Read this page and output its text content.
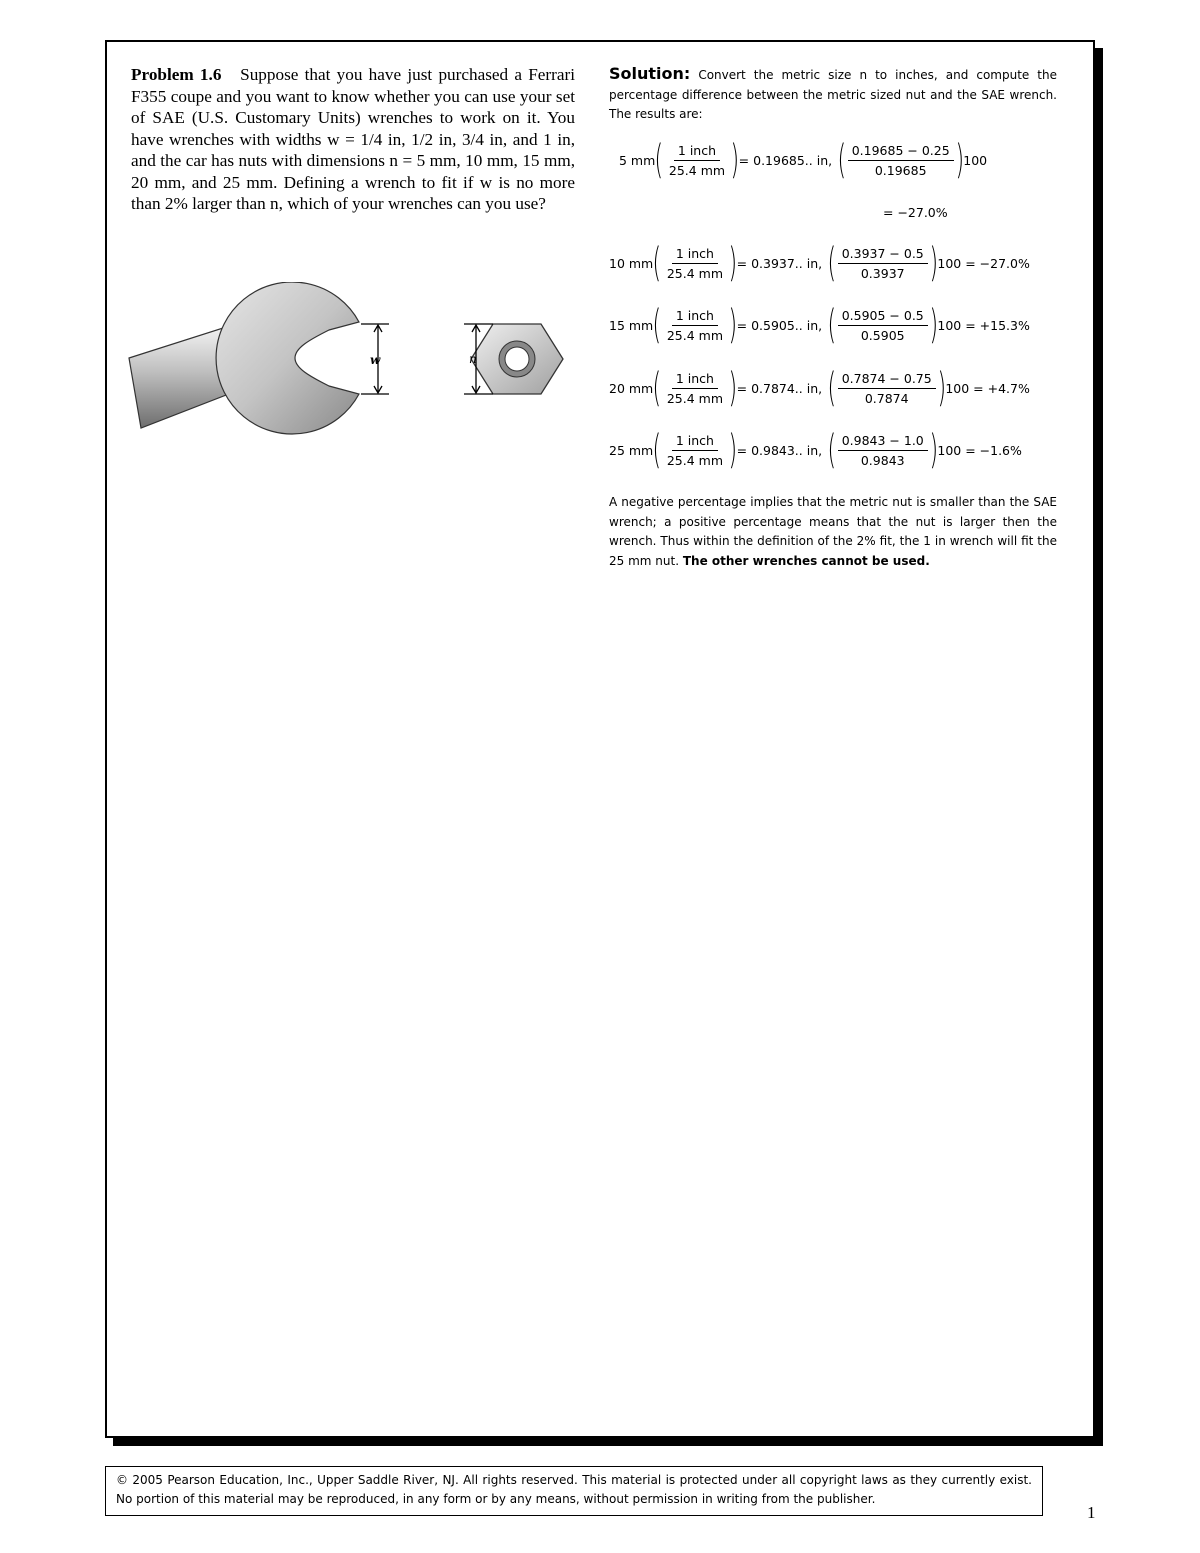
Problem 1.6 Suppose that you have just purchased a Ferrari F355 coupe and you want to know whether you can use your set of SAE (U.S. Customary Units) wrenches to work on it. You have wrenches with widths w = 1/4 in, 1/2 in, 3/4 in, and 1 in, and the car has nuts with dimensions n = 5 mm, 10 mm, 15 mm, 20 mm, and 25 mm. Defining a wrench to fit if w is no more than 2% larger than n, which of your wrenches can you use?
w	n
Solution: Convert the metric size n to inches, and compute the percentage difference between the metric sized nut and the SAE wrench. The results are:
5 mm ( $\frac{\text{1 inch}}{25.4 mm}$ ) = 0.19685.. in, ( $\frac{0.19685 - 0.25}{0.19685}$ ) 100
= −27.0%
10 mm ( $\frac{\text{1 inch}}{25.4 mm}$ ) = 0.3937.. in, ( $\frac{0.3937 - 0.5}{0.3937}$ ) 100 = −27.0%
15 mm ( $\frac{\text{1 inch}}{25.4 mm}$ ) = 0.5905.. in, ( $\frac{0.5905 - 0.5}{0.5905}$ ) 100 = +15.3%
20 mm ( $\frac{\text{1 inch}}{25.4 mm}$ ) = 0.7874.. in, ( $\frac{0.7874 - 0.75}{0.7874}$ ) 100 = +4.7%
25 mm ( $\frac{\text{1 inch}}{25.4 mm}$ ) = 0.9843.. in, ( $\frac{0.9843 - 1.0}{0.9843}$ ) 100 = −1.6%
A negative percentage implies that the metric nut is smaller than the SAE wrench; a positive percentage means that the nut is larger then the wrench. Thus within the definition of the 2% fit, the 1 in wrench will fit the 25 mm nut. The other wrenches cannot be used.
© 2005 Pearson Education, Inc., Upper Saddle River, NJ. All rights reserved. This material is protected under all copyright laws as they currently exist. No portion of this material may be reproduced, in any form or by any means, without permission in writing from the publisher.
1
